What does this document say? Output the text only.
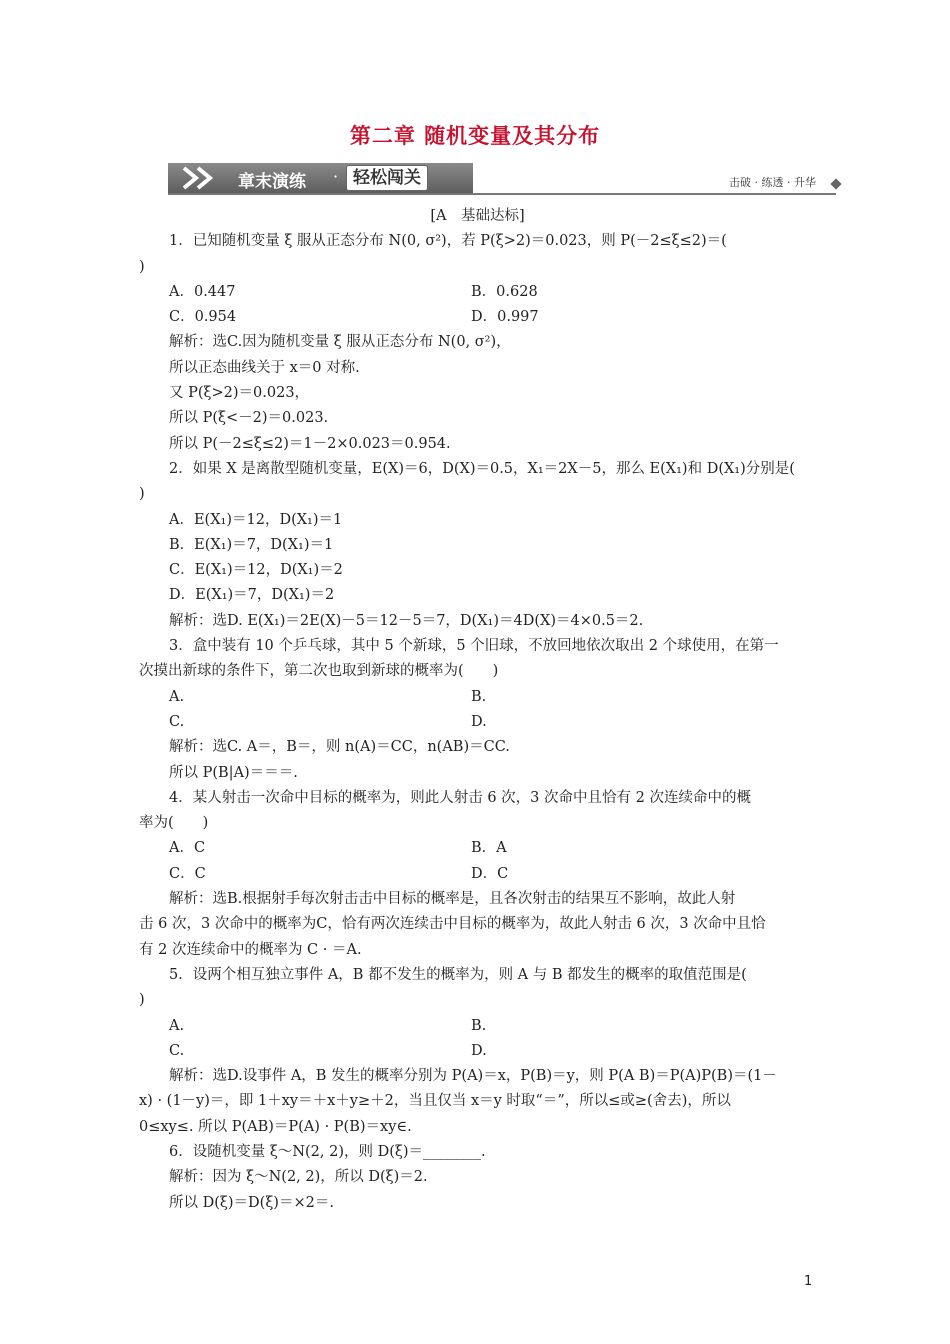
第二章 随机变量及其分布
章末演练 · 轻松闯关	击破 · 练透 · 升华

[A　基础达标]

1．已知随机变量 ξ 服从正态分布 N(0, σ²)，若 P(ξ>2)＝0.023，则 P(－2≤ξ≤2)＝(

)

A．0.447	B．0.628

C．0.954	D．0.997

解析：选C.因为随机变量 ξ 服从正态分布 N(0, σ²)，

所以正态曲线关于 x＝0 对称.

又 P(ξ>2)＝0.023，

所以 P(ξ<－2)＝0.023.

所以 P(－2≤ξ≤2)＝1－2×0.023＝0.954.

2．如果 X 是离散型随机变量，E(X)＝6，D(X)＝0.5，X₁＝2X－5，那么 E(X₁)和 D(X₁)分别是(

)

A．E(X₁)＝12，D(X₁)＝1

B．E(X₁)＝7，D(X₁)＝1

C．E(X₁)＝12，D(X₁)＝2

D．E(X₁)＝7，D(X₁)＝2

解析：选D. E(X₁)＝2E(X)－5＝12－5＝7，D(X₁)＝4D(X)＝4×0.5＝2.

3．盒中装有 10 个乒乓球，其中 5 个新球，5 个旧球，不放回地依次取出 2 个球使用，在第一

次摸出新球的条件下，第二次也取到新球的概率为(　　)

A.	B.

C.	D.

解析：选C. A＝，B＝，则 n(A)＝CC，n(AB)＝CC.

所以 P(B|A)＝＝＝.

4．某人射击一次命中目标的概率为，则此人射击 6 次，3 次命中且恰有 2 次连续命中的概

率为(　　)

A．C	B．A

C．C	D．C

解析：选B.根据射手每次射击击中目标的概率是，且各次射击的结果互不影响，故此人射

击 6 次，3 次命中的概率为C，恰有两次连续击中目标的概率为，故此人射击 6 次，3 次命中且恰

有 2 次连续命中的概率为 C · ＝A.

5．设两个相互独立事件 A，B 都不发生的概率为，则 A 与 B 都发生的概率的取值范围是(

)

A.	B.

C.	D.

解析：选D.设事件 A，B 发生的概率分别为 P(A)＝x，P(B)＝y，则 P(A B)＝P(A)P(B)＝(1－

x) · (1－y)＝，即 1＋xy＝＋x＋y≥＋2，当且仅当 x＝y 时取“＝”，所以≤或≥(舍去)，所以

0≤xy≤. 所以 P(AB)＝P(A) · P(B)＝xy∈.

6．设随机变量 ξ～N(2, 2)，则 D(ξ)＝________.

解析：因为 ξ～N(2, 2)，所以 D(ξ)＝2.

所以 D(ξ)＝D(ξ)＝×2＝.

1
